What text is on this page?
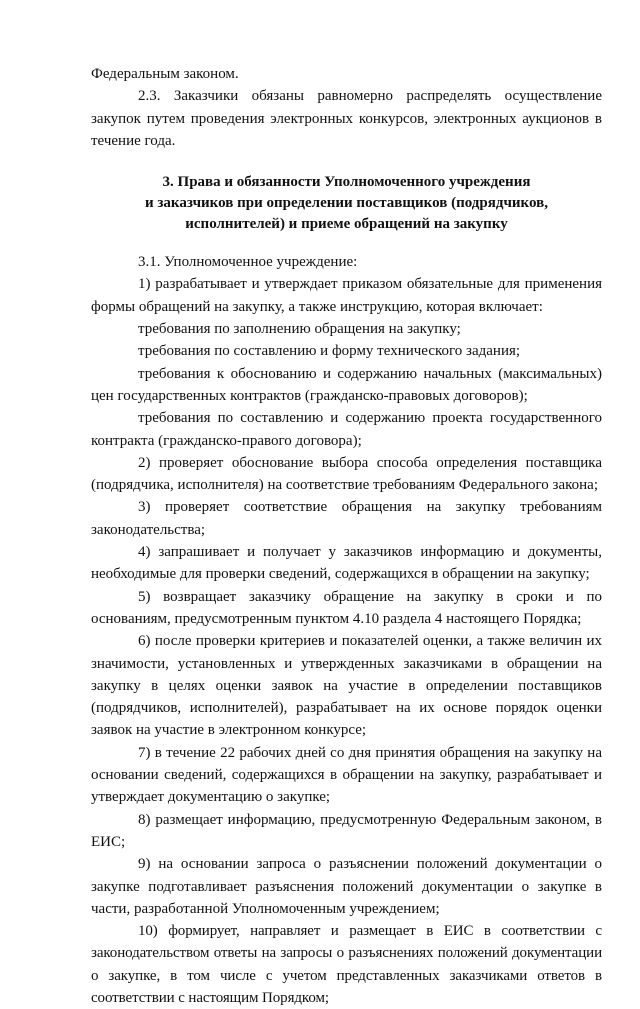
Федеральным законом.

2.3. Заказчики обязаны равномерно распределять осуществление закупок путем проведения электронных конкурсов, электронных аукционов в течение года.

3. Права и обязанности Уполномоченного учреждения
и заказчиков при определении поставщиков (подрядчиков,
исполнителей) и приеме обращений на закупку

3.1. Уполномоченное учреждение:

1) разрабатывает и утверждает приказом обязательные для применения формы обращений на закупку, а также инструкцию, которая включает:

требования по заполнению обращения на закупку;

требования по составлению и форму технического задания;

требования к обоснованию и содержанию начальных (максимальных) цен государственных контрактов (гражданско-правовых договоров);

требования по составлению и содержанию проекта государственного контракта (гражданско-правого договора);

2) проверяет обоснование выбора способа определения поставщика (подрядчика, исполнителя) на соответствие требованиям Федерального закона;

3) проверяет соответствие обращения на закупку требованиям законодательства;

4) запрашивает и получает у заказчиков информацию и документы, необходимые для проверки сведений, содержащихся в обращении на закупку;

5) возвращает заказчику обращение на закупку в сроки и по основаниям, предусмотренным пунктом 4.10 раздела 4 настоящего Порядка;

6) после проверки критериев и показателей оценки, а также величин их значимости, установленных и утвержденных заказчиками в обращении на закупку в целях оценки заявок на участие в определении поставщиков (подрядчиков, исполнителей), разрабатывает на их основе порядок оценки заявок на участие в электронном конкурсе;

7) в течение 22 рабочих дней со дня принятия обращения на закупку на основании сведений, содержащихся в обращении на закупку, разрабатывает и утверждает документацию о закупке;

8) размещает информацию, предусмотренную Федеральным законом, в ЕИС;

9) на основании запроса о разъяснении положений документации о закупке подготавливает разъяснения положений документации о закупке в части, разработанной Уполномоченным учреждением;

10) формирует, направляет и размещает в ЕИС в соответствии с законодательством ответы на запросы о разъяснениях положений документации о закупке, в том числе с учетом представленных заказчиками ответов в соответствии с настоящим Порядком;
